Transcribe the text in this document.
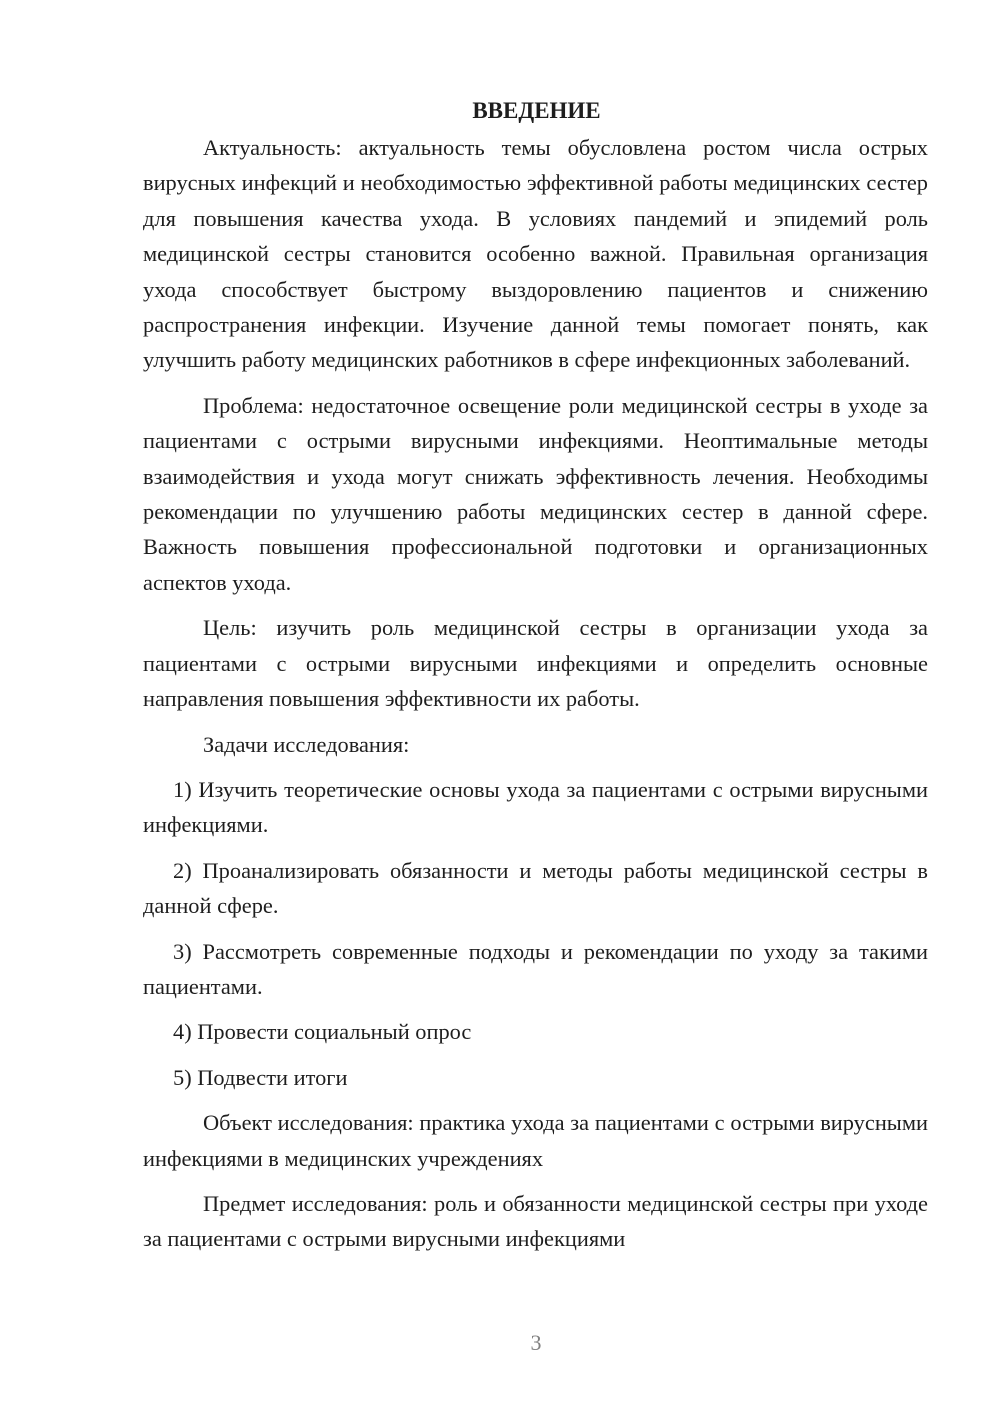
ВВЕДЕНИЕ

Актуальность: актуальность темы обусловлена ростом числа острых вирусных инфекций и необходимостью эффективной работы медицинских сестер для повышения качества ухода. В условиях пандемий и эпидемий роль медицинской сестры становится особенно важной. Правильная организация ухода способствует быстрому выздоровлению пациентов и снижению распространения инфекции. Изучение данной темы помогает понять, как улучшить работу медицинских работников в сфере инфекционных заболеваний.

Проблема: недостаточное освещение роли медицинской сестры в уходе за пациентами с острыми вирусными инфекциями. Неоптимальные методы взаимодействия и ухода могут снижать эффективность лечения. Необходимы рекомендации по улучшению работы медицинских сестер в данной сфере. Важность повышения профессиональной подготовки и организационных аспектов ухода.

Цель: изучить роль медицинской сестры в организации ухода за пациентами с острыми вирусными инфекциями и определить основные направления повышения эффективности их работы.

Задачи исследования:

1) Изучить теоретические основы ухода за пациентами с острыми вирусными инфекциями.

2) Проанализировать обязанности и методы работы медицинской сестры в данной сфере.

3) Рассмотреть современные подходы и рекомендации по уходу за такими пациентами.

4) Провести социальный опрос

5) Подвести итоги

Объект исследования: практика ухода за пациентами с острыми вирусными инфекциями в медицинских учреждениях

Предмет исследования: роль и обязанности медицинской сестры при уходе за пациентами с острыми вирусными инфекциями

3
